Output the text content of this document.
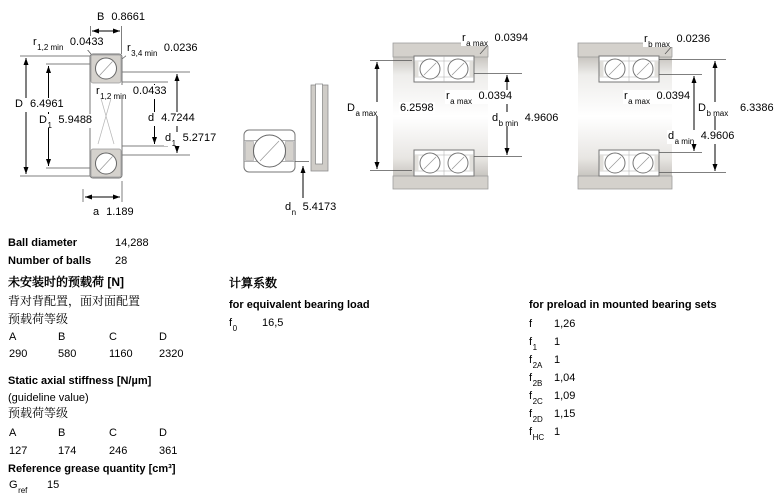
B 0.8661
$r_{1,2 min}$ 0.0433 $r_{3,4 min}$ 0.0236
D 6.4961
$D_1$ 5.9488
$r_{1,2 min}$ 0.0433
d 4.7244
$d_1$ 5.2717
a 1.189	$d_n$ 5.4173
$r_{a max}$ 0.0394
$D_{a max}$ 6.2598
$r_{a max}$ 0.0394
$d_{b min}$ 4.9606
$r_{b max}$ 0.0236
$r_{a max}$ 0.0394
$D_{b max}$ 6.3386
$d_{a min}$ 4.9606
Ball diameter	14,288
Number of balls 28
未安装时的预载荷 [N]
背对背配置，面对面配置
预载荷等级
A	B	C	D
290	580	1160 2320
Static axial stiffness [N/µm]
(guideline value)
预载荷等级
A	B	C	D
127	174	246	361
Reference grease quantity [cm³]
$G_{ref}$ 15
计算系数
for equivalent bearing load
$f_0$ 16,5
for preload in mounted bearing sets
f 1,26
$f_1$ 1
$f_{2A}$ 1
$f_{2B}$ 1,04
$f_{2C}$ 1,09
$f_{2D}$ 1,15
$f_{HC}$ 1
